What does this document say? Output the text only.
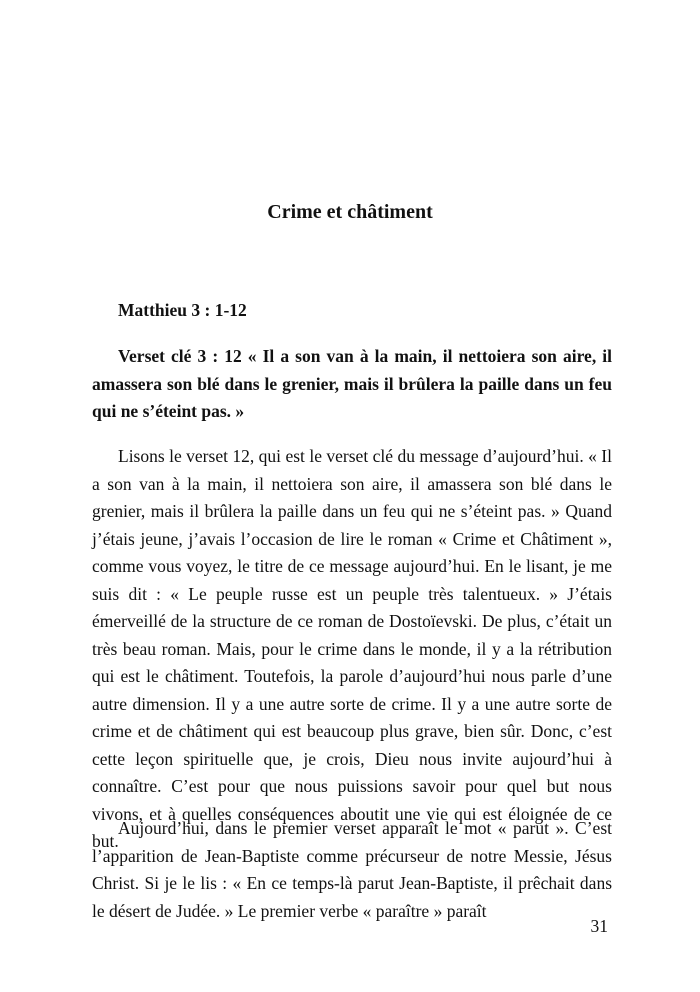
Crime et châtiment

Matthieu 3 : 1-12

Verset clé 3 : 12 « Il a son van à la main, il nettoiera son aire, il amassera son blé dans le grenier, mais il brûlera la paille dans un feu qui ne s’éteint pas. »

Lisons le verset 12, qui est le verset clé du message d’aujourd’hui. « Il a son van à la main, il nettoiera son aire, il amassera son blé dans le grenier, mais il brûlera la paille dans un feu qui ne s’éteint pas. » Quand j’étais jeune, j’avais l’occasion de lire le roman « Crime et Châtiment », comme vous voyez, le titre de ce message aujourd’hui. En le lisant, je me suis dit : « Le peuple russe est un peuple très talentueux. » J’étais émerveillé de la structure de ce roman de Dostoïevski. De plus, c’était un très beau roman. Mais, pour le crime dans le monde, il y a la rétribution qui est le châtiment. Toutefois, la parole d’aujourd’hui nous parle d’une autre dimension. Il y a une autre sorte de crime. Il y a une autre sorte de crime et de châtiment qui est beaucoup plus grave, bien sûr. Donc, c’est cette leçon spirituelle que, je crois, Dieu nous invite aujourd’hui à connaître. C’est pour que nous puissions savoir pour quel but nous vivons, et à quelles conséquences aboutit une vie qui est éloignée de ce but.

Aujourd’hui, dans le premier verset apparaît le mot « parut ». C’est l’apparition de Jean-Baptiste comme précurseur de notre Messie, Jésus Christ. Si je le lis : « En ce temps-là parut Jean-Baptiste, il prêchait dans le désert de Judée. » Le premier verbe « paraître » paraît

31
